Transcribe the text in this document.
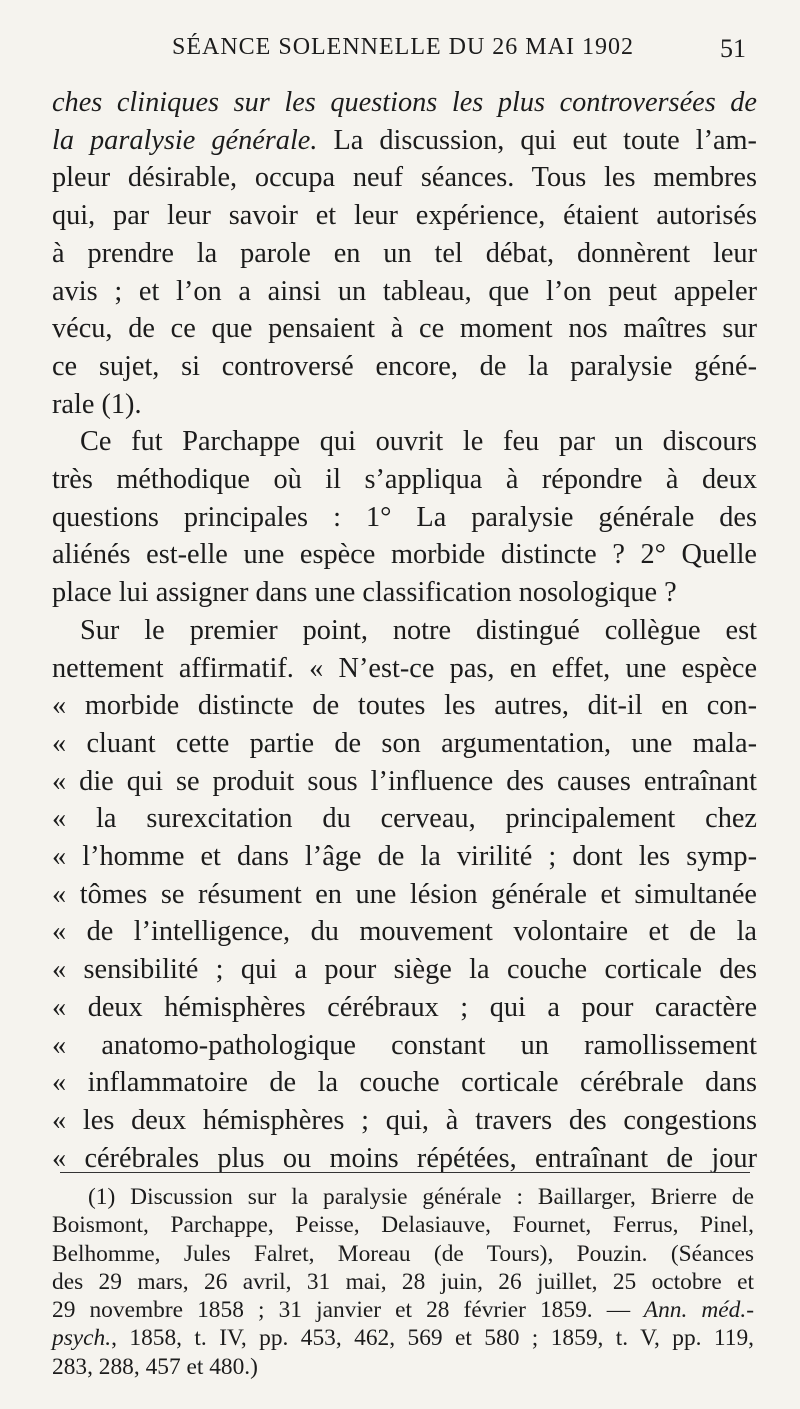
SÉANCE SOLENNELLE DU 26 MAI 1902	51
ches cliniques sur les questions les plus controversées de
la paralysie générale. La discussion, qui eut toute l’am-
pleur désirable, occupa neuf séances. Tous les membres
qui, par leur savoir et leur expérience, étaient autorisés
à prendre la parole en un tel débat, donnèrent leur
avis ; et l’on a ainsi un tableau, que l’on peut appeler
vécu, de ce que pensaient à ce moment nos maîtres sur
ce sujet, si controversé encore, de la paralysie géné-
rale (1).
Ce fut Parchappe qui ouvrit le feu par un discours
très méthodique où il s’appliqua à répondre à deux
questions principales : 1° La paralysie générale des
aliénés est-elle une espèce morbide distincte ? 2° Quelle
place lui assigner dans une classification nosologique ?
Sur le premier point, notre distingué collègue est
nettement affirmatif. « N’est-ce pas, en effet, une espèce
« morbide distincte de toutes les autres, dit-il en con-
« cluant cette partie de son argumentation, une mala-
« die qui se produit sous l’influence des causes entraînant
« la surexcitation du cerveau, principalement chez
« l’homme et dans l’âge de la virilité ; dont les symp-
« tômes se résument en une lésion générale et simultanée
« de l’intelligence, du mouvement volontaire et de la
« sensibilité ; qui a pour siège la couche corticale des
« deux hémisphères cérébraux ; qui a pour caractère
« anatomo-pathologique constant un ramollissement
« inflammatoire de la couche corticale cérébrale dans
« les deux hémisphères ; qui, à travers des congestions
« cérébrales plus ou moins répétées, entraînant de jour
(1) Discussion sur la paralysie générale : Baillarger, Brierre de
Boismont, Parchappe, Peisse, Delasiauve, Fournet, Ferrus, Pinel,
Belhomme, Jules Falret, Moreau (de Tours), Pouzin. (Séances
des 29 mars, 26 avril, 31 mai, 28 juin, 26 juillet, 25 octobre et
29 novembre 1858 ; 31 janvier et 28 février 1859. — Ann. méd.-
psych., 1858, t. IV, pp. 453, 462, 569 et 580 ; 1859, t. V, pp. 119,
283, 288, 457 et 480.)
